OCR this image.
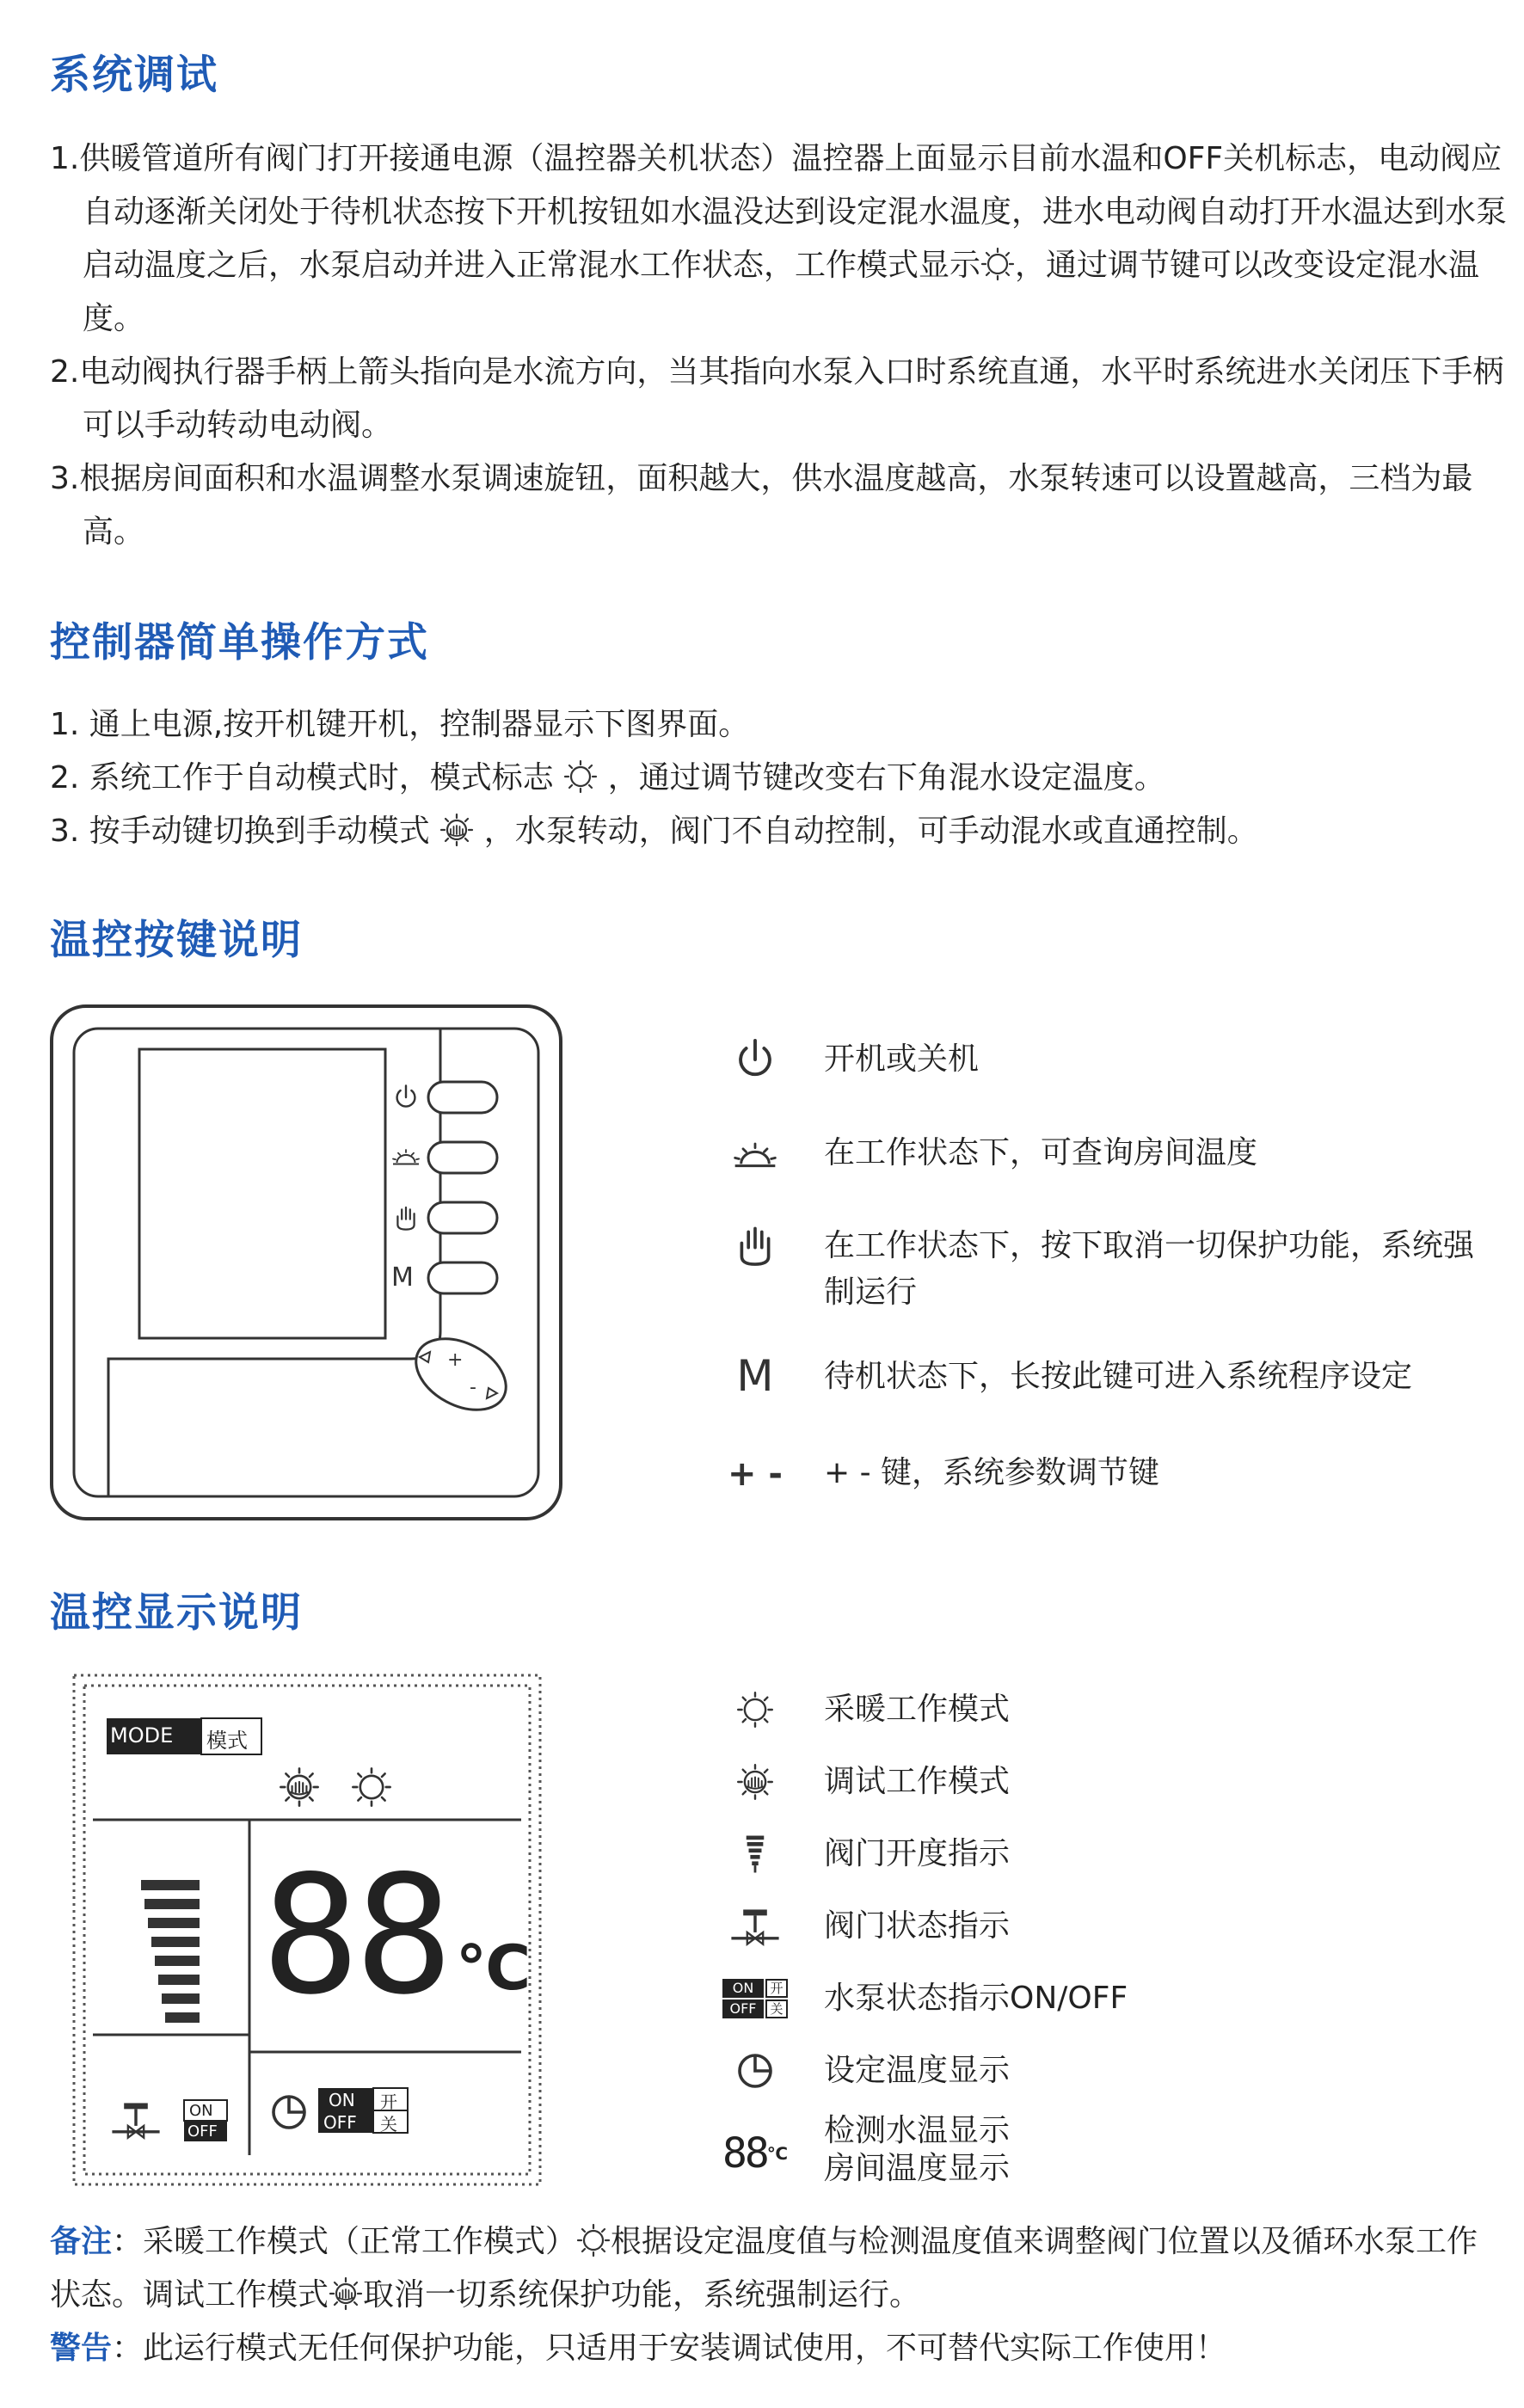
系统调试

1.供暖管道所有阀门打开接通电源（温控器关机状态）温控器上面显示目前水温和OFF关机标志，电动阀应自动逐渐关闭处于待机状态按下开机按钮如水温没达到设定混水温度，进水电动阀自动打开水温达到水泵启动温度之后，水泵启动并进入正常混水工作状态，工作模式显示 ，通过调节键可以改变设定混水温度。

2.电动阀执行器手柄上箭头指向是水流方向，当其指向水泵入口时系统直通，水平时系统进水关闭压下手柄可以手动转动电动阀。

3.根据房间面积和水温调整水泵调速旋钮，面积越大，供水温度越高，水泵转速可以设置越高，三档为最高。

控制器简单操作方式

1. 通上电源,按开机键开机，控制器显示下图界面。

2. 系统工作于自动模式时，模式标志 ，通过调节键改变右下角混水设定温度。

3. 按手动键切换到手动模式 ，水泵转动，阀门不自动控制，可手动混水或直通控制。

温控按键说明
+
-
M

开机或关机

在工作状态下，可查询房间温度

在工作状态下，按下取消一切保护功能，系统强制运行

M 待机状态下，长按此键可进入系统程序设定

+ - + - 键，系统参数调节键

温控显示说明
MODE 模式
88 ℃
ON
OFF
ON 开
OFF 关

采暖工作模式

调试工作模式

阀门开度指示

阀门状态指示

ON	开
OFF	关 水泵状态指示ON/OFF

设定温度显示

88 ℃

检测水温显示

房间温度显示

备注：采暖工作模式（正常工作模式） 根据设定温度值与检测温度值来调整阀门位置以及循环水泵工作状态。调试工作模式 取消一切系统保护功能，系统强制运行。

警告：此运行模式无任何保护功能，只适用于安装调试使用，不可替代实际工作使用！
